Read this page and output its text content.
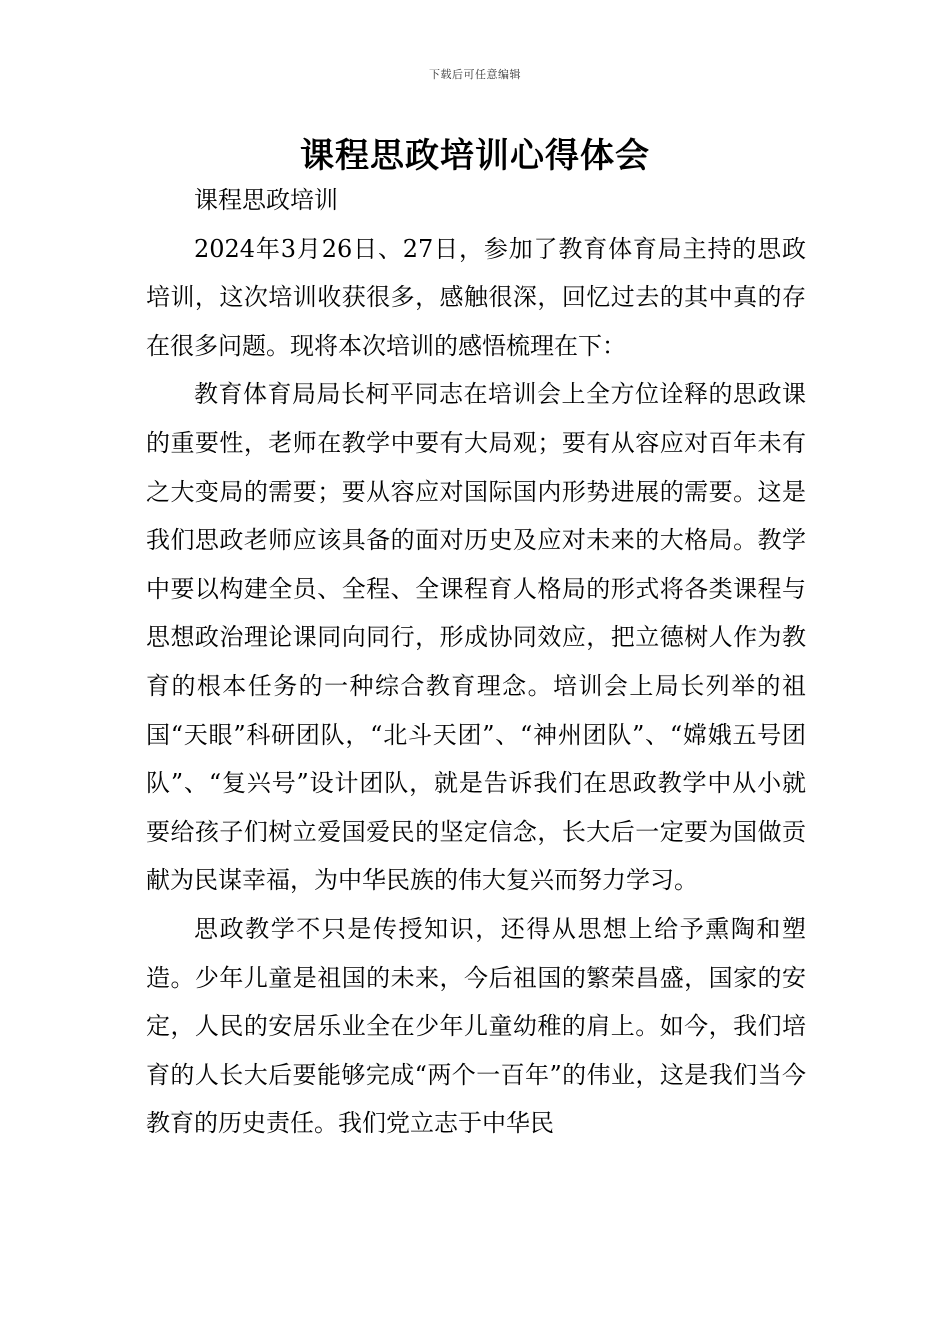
下载后可任意编辑
课程思政培训心得体会

课程思政培训

2024年3月26日、27日，参加了教育体育局主持的思政培训，这次培训收获很多，感触很深，回忆过去的其中真的存在很多问题。现将本次培训的感悟梳理在下：

教育体育局局长柯平同志在培训会上全方位诠释的思政课的重要性，老师在教学中要有大局观；要有从容应对百年未有之大变局的需要；要从容应对国际国内形势进展的需要。这是我们思政老师应该具备的面对历史及应对未来的大格局。教学中要以构建全员、全程、全课程育人格局的形式将各类课程与思想政治理论课同向同行，形成协同效应，把立德树人作为教育的根本任务的一种综合教育理念。培训会上局长列举的祖国“天眼”科研团队，“北斗天团”、“神州团队”、“嫦娥五号团队”、“复兴号”设计团队，就是告诉我们在思政教学中从小就要给孩子们树立爱国爱民的坚定信念，长大后一定要为国做贡献为民谋幸福，为中华民族的伟大复兴而努力学习。

思政教学不只是传授知识，还得从思想上给予熏陶和塑造。少年儿童是祖国的未来，今后祖国的繁荣昌盛，国家的安定，人民的安居乐业全在少年儿童幼稚的肩上。如今，我们培育的人长大后要能够完成“两个一百年”的伟业，这是我们当今教育的历史责任。我们党立志于中华民
